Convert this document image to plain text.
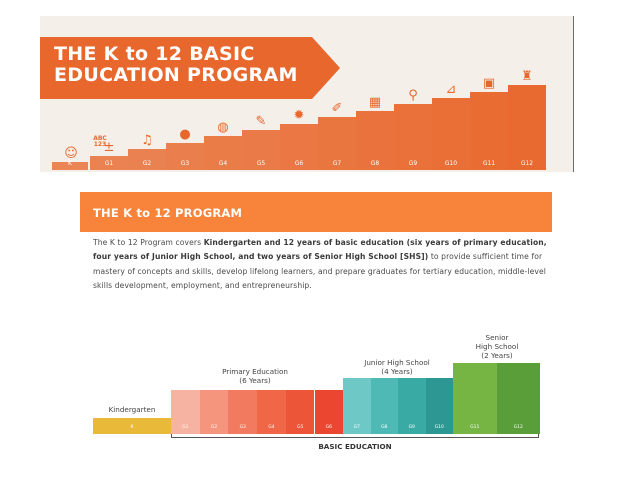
THE K to 12 BASIC
EDUCATION PROGRAM
K
☺
G1
±
G2
♫
G3
●
G4
◍
G5
✎
G6
✹
G7
✐
G8
▦
G9
⚲
G10
⊿
G11
▣
G12
♜
ABC 123
THE K to 12 PROGRAM
The K to 12 Program covers Kindergarten and 12 years of basic education (six years of primary education, four years of Junior High School, and two years of Senior High School [SHS]) to provide sufficient time for mastery of concepts and skills, develop lifelong learners, and prepare graduates for tertiary education, middle-level skills development, employment, and entrepreneurship.
Kindergarten
Primary Education
(6 Years)
Junior High School
(4 Years)
Senior
High School
(2 Years)
K	G1	G2	G3	G4	G5	G6	G7	G8	G9	G10	G11	G12
BASIC EDUCATION
